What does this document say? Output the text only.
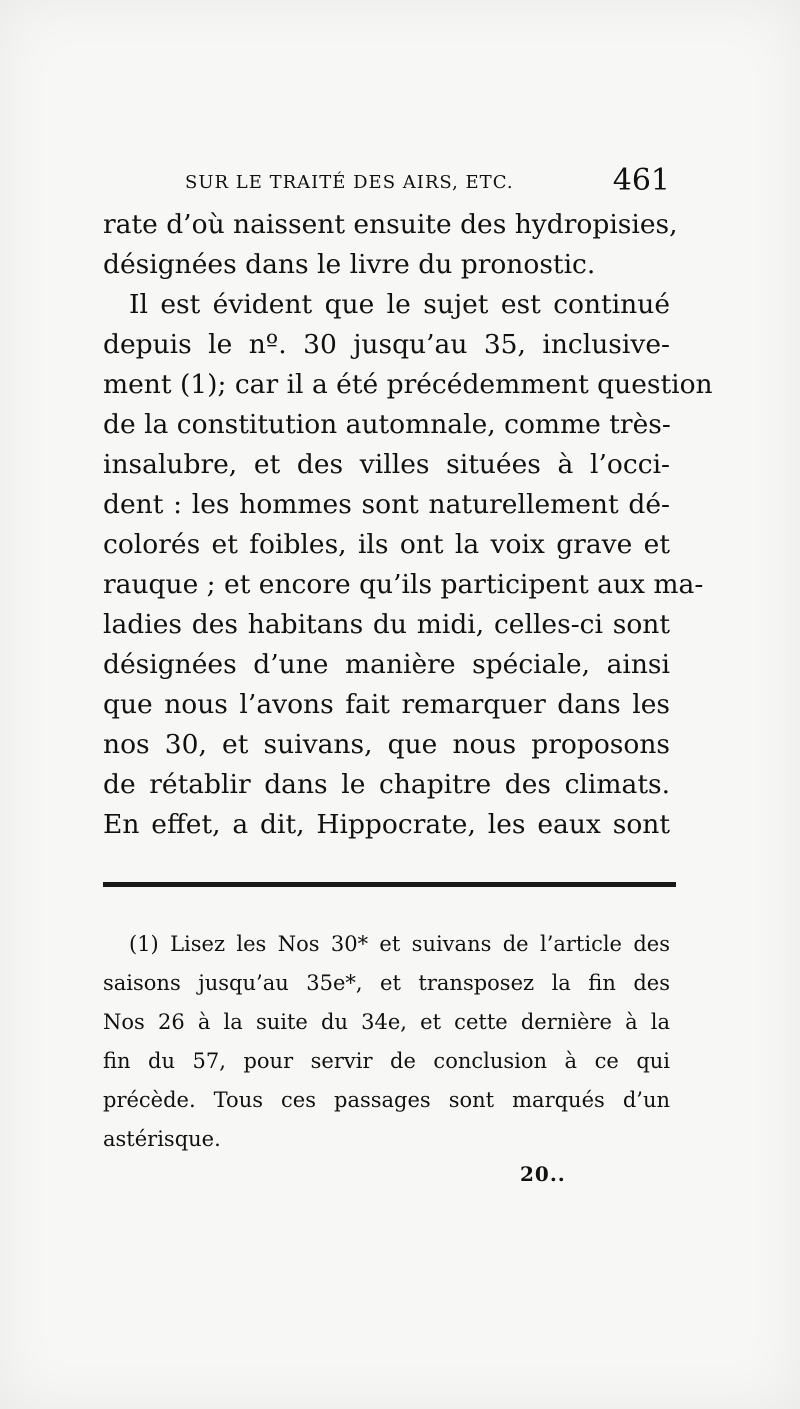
SUR LE TRAITÉ DES AIRS, ETC.	461
rate d’où naissent ensuite des hydropisies,
désignées dans le livre du pronostic.
Il est évident que le sujet est continué
depuis le nº. 30 jusqu’au 35, inclusive-
ment (1); car il a été précédemment question
de la constitution automnale, comme très-
insalubre, et des villes situées à l’occi-
dent : les hommes sont naturellement dé-
colorés et foibles, ils ont la voix grave et
rauque ; et encore qu’ils participent aux ma-
ladies des habitans du midi, celles-ci sont
désignées d’une manière spéciale, ainsi
que nous l’avons fait remarquer dans les
nos 30, et suivans, que nous proposons
de rétablir dans le chapitre des climats.
En effet, a dit, Hippocrate, les eaux sont
(1) Lisez les Nos 30* et suivans de l’article des
saisons jusqu’au 35e*, et transposez la fin des
Nos 26 à la suite du 34e, et cette dernière à la
fin du 57, pour servir de conclusion à ce qui
précède. Tous ces passages sont marqués d’un
astérisque.
20..
